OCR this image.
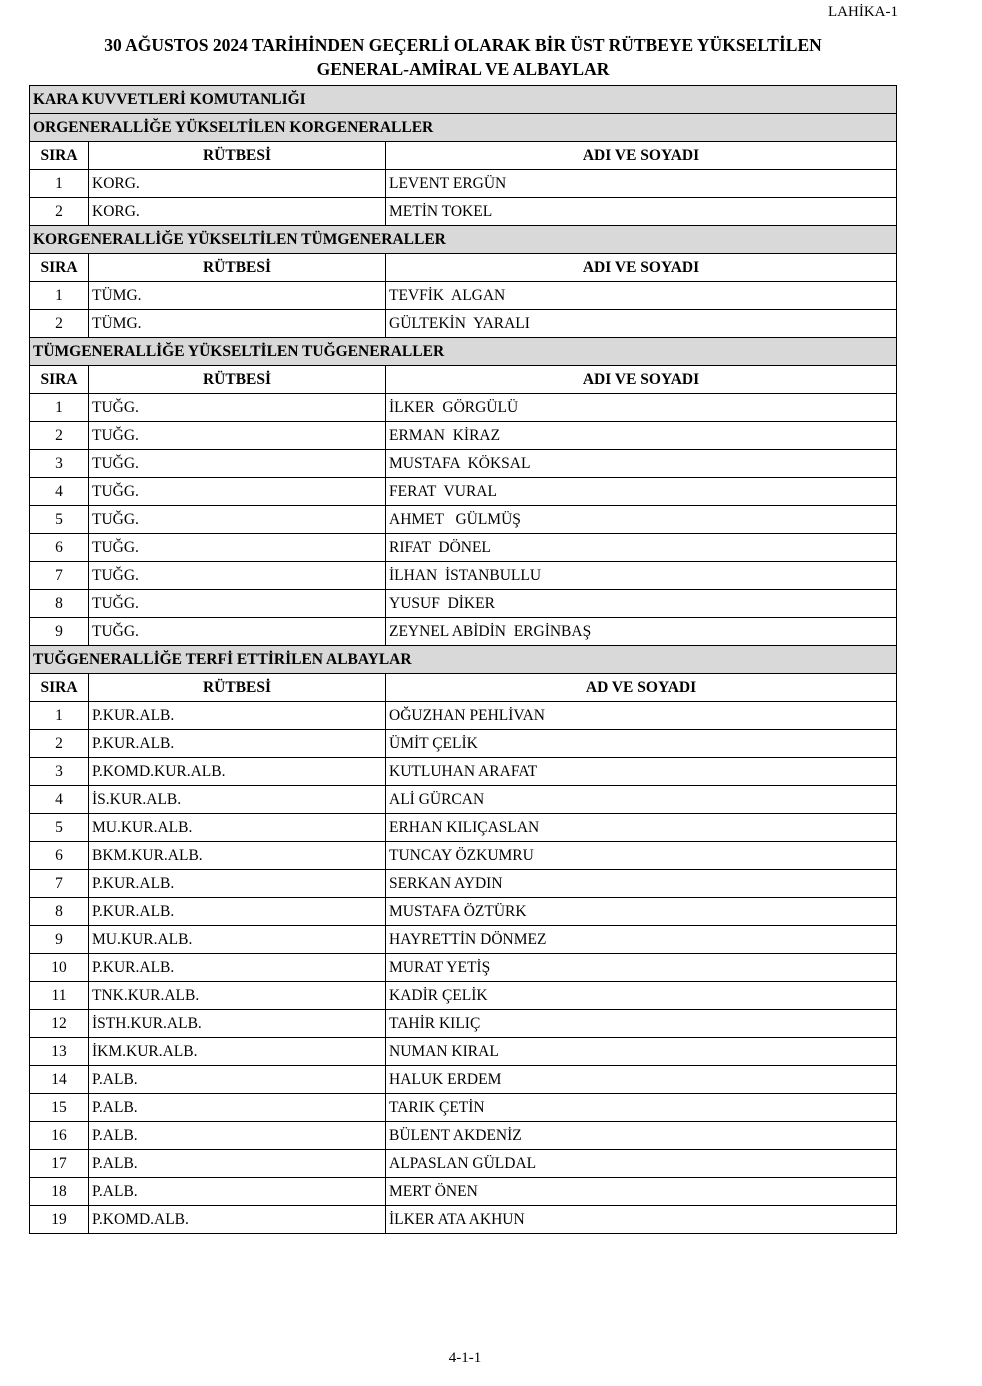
LAHİKA-1
30 AĞUSTOS 2024 TARİHİNDEN GEÇERLİ OLARAK BİR ÜST RÜTBEYE YÜKSELTİLEN
GENERAL-AMİRAL VE ALBAYLAR
KARA KUVVETLERİ KOMUTANLIĞI		
ORGENERALLİĞE YÜKSELTİLEN KORGENERALLER		
SIRA	RÜTBESİ	ADI VE SOYADI
1	KORG.	LEVENT ERGÜN
2	KORG.	METİN TOKEL
KORGENERALLİĞE YÜKSELTİLEN TÜMGENERALLER		
SIRA	RÜTBESİ	ADI VE SOYADI
1	TÜMG.	TEVFİK  ALGAN
2	TÜMG.	GÜLTEKİN  YARALI
TÜMGENERALLİĞE YÜKSELTİLEN TUĞGENERALLER		
SIRA	RÜTBESİ	ADI VE SOYADI
1	TUĞG.	İLKER  GÖRGÜLÜ
2	TUĞG.	ERMAN  KİRAZ
3	TUĞG.	MUSTAFA  KÖKSAL
4	TUĞG.	FERAT  VURAL
5	TUĞG.	AHMET   GÜLMÜŞ
6	TUĞG.	RIFAT  DÖNEL
7	TUĞG.	İLHAN  İSTANBULLU
8	TUĞG.	YUSUF  DİKER
9	TUĞG.	ZEYNEL ABİDİN  ERGİNBAŞ
TUĞGENERALLİĞE TERFİ ETTİRİLEN ALBAYLAR		
SIRA	RÜTBESİ	AD VE SOYADI
1	P.KUR.ALB.	OĞUZHAN PEHLİVAN
2	P.KUR.ALB.	ÜMİT ÇELİK
3	P.KOMD.KUR.ALB.	KUTLUHAN ARAFAT
4	İS.KUR.ALB.	ALİ GÜRCAN
5	MU.KUR.ALB.	ERHAN KILIÇASLAN
6	BKM.KUR.ALB.	TUNCAY ÖZKUMRU
7	P.KUR.ALB.	SERKAN AYDIN
8	P.KUR.ALB.	MUSTAFA ÖZTÜRK
9	MU.KUR.ALB.	HAYRETTİN DÖNMEZ
10	P.KUR.ALB.	MURAT YETİŞ
11	TNK.KUR.ALB.	KADİR ÇELİK
12	İSTH.KUR.ALB.	TAHİR KILIÇ
13	İKM.KUR.ALB.	NUMAN KIRAL
14	P.ALB.	HALUK ERDEM
15	P.ALB.	TARIK ÇETİN
16	P.ALB.	BÜLENT AKDENİZ
17	P.ALB.	ALPASLAN GÜLDAL
18	P.ALB.	MERT ÖNEN
19	P.KOMD.ALB.	İLKER ATA AKHUN
4-1-1
